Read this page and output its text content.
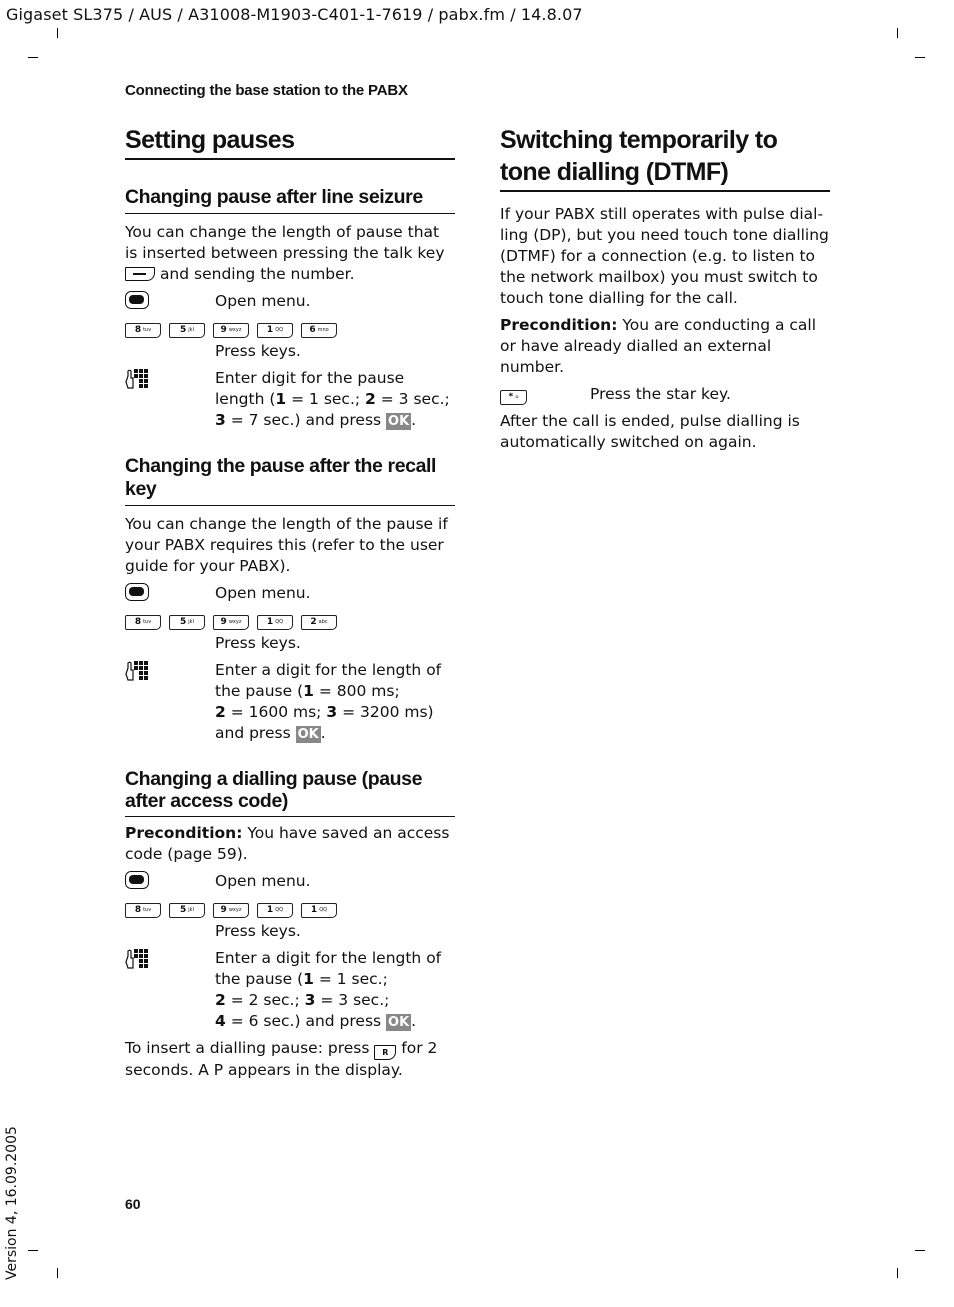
Gigaset SL375 / AUS / A31008-M1903-C401-1-7619 / pabx.fm / 14.8.07
Connecting the base station to the PABX
Setting pauses
Changing pause after line seizure
You can change the length of pause that is inserted between pressing the talk key  and sending the number.
Open menu.
8 tuv	5 jkl	9 wxyz	1 QQ	6 mno
Press keys.
Enter digit for the pause length (1 = 1 sec.; 2 = 3 sec.; 3 = 7 sec.) and press OK .
Changing the pause after the recall key
You can change the length of the pause if your PABX requires this (refer to the user guide for your PABX).
Open menu.
8 tuv	5 jkl	9 wxyz	1 QQ	2 abc
Press keys.
Enter a digit for the length of the pause (1 = 800 ms;
2 = 1600 ms; 3 = 3200 ms) and press OK .
Changing a dialling pause (pause after access code)
Precondition: You have saved an access code (page 59).
Open menu.
8 tuv	5 jkl	9 wxyz	1 QQ	1 QQ
Press keys.
Enter a digit for the length of the pause (1 = 1 sec.;
2 = 2 sec.; 3 = 3 sec.;
4 = 6 sec.) and press OK .
To insert a dialling pause: press R for 2 seconds. A P appears in the display.
Switching temporarily to
tone dialling (DTMF)
If your PABX still operates with pulse dial-ling (DP), but you need touch tone dialling (DTMF) for a connection (e.g. to listen to the network mailbox) you must switch to touch tone dialling for the call.
Precondition: You are conducting a call or have already dialled an external number.
* ⌂	Press the star key.
After the call is ended, pulse dialling is automatically switched on again.
60
Version 4, 16.09.2005
